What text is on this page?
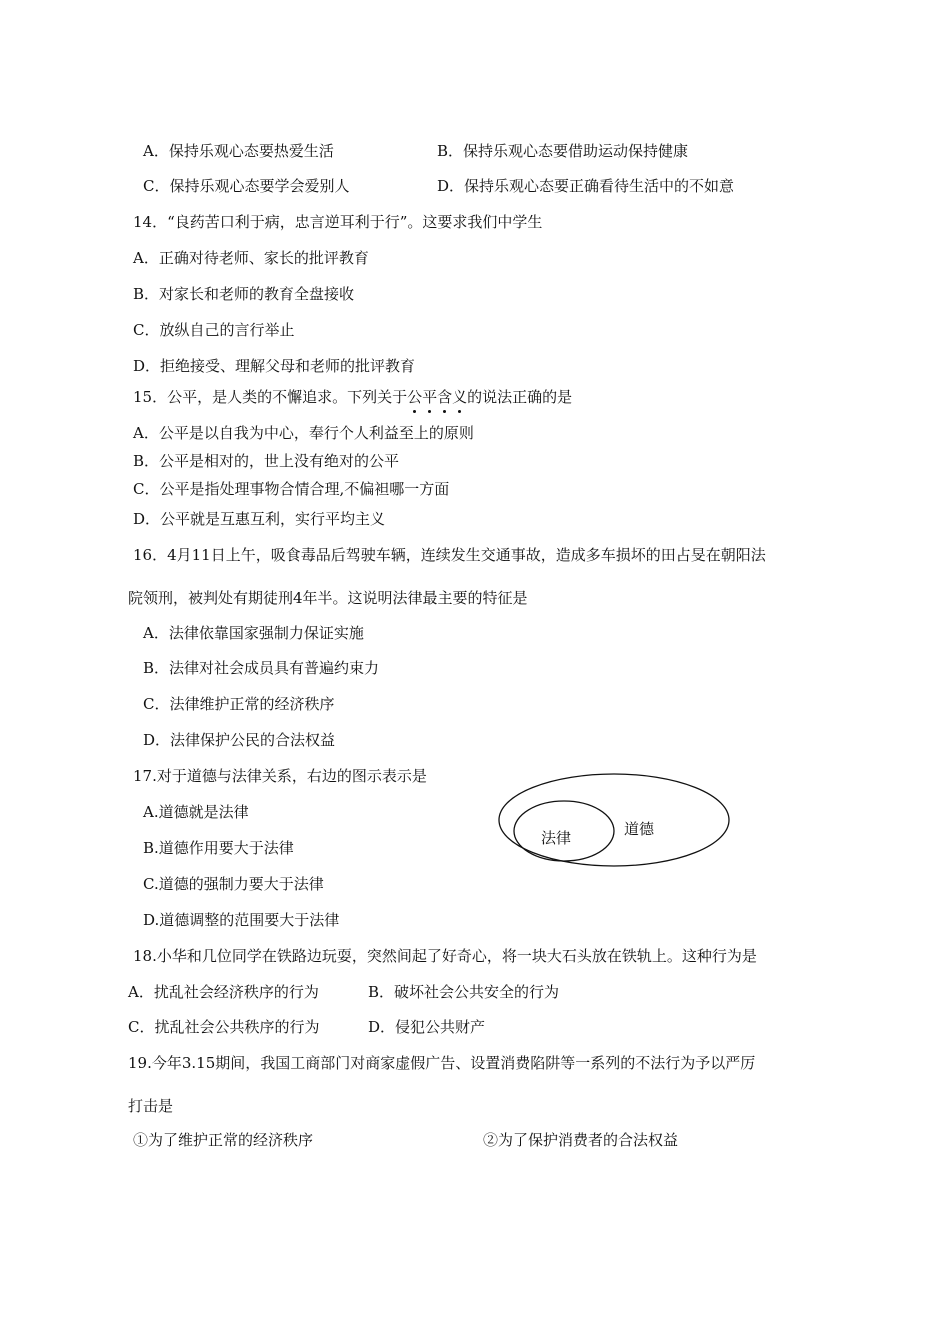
A．保持乐观心态要热爱生活	B．保持乐观心态要借助运动保持健康
C．保持乐观心态要学会爱别人	D．保持乐观心态要正确看待生活中的不如意
14．“良药苦口利于病，忠言逆耳利于行”。这要求我们中学生
A．正确对待老师、家长的批评教育
B．对家长和老师的教育全盘接收
C．放纵自己的言行举止
D．拒绝接受、理解父母和老师的批评教育
15．公平，是人类的不懈追求。下列关于公平含义的说法正确的是
A．公平是以自我为中心，奉行个人利益至上的原则
B．公平是相对的，世上没有绝对的公平
C．公平是指处理事物合情合理,不偏袒哪一方面
D．公平就是互惠互利，实行平均主义
16．4月11日上午，吸食毒品后驾驶车辆，连续发生交通事故，造成多车损坏的田占旻在朝阳法
院领刑，被判处有期徒刑4年半。这说明法律最主要的特征是
A．法律依靠国家强制力保证实施
B．法律对社会成员具有普遍约束力
C．法律维护正常的经济秩序
D．法律保护公民的合法权益
17.对于道德与法律关系，右边的图示表示是
A.道德就是法律
B.道德作用要大于法律
C.道德的强制力要大于法律
D.道德调整的范围要大于法律
道德
法律
18.小华和几位同学在铁路边玩耍，突然间起了好奇心，将一块大石头放在铁轨上。这种行为是
A．扰乱社会经济秩序的行为	B．破坏社会公共安全的行为
C．扰乱社会公共秩序的行为	D．侵犯公共财产
19.今年3.15期间，我国工商部门对商家虚假广告、设置消费陷阱等一系列的不法行为予以严厉
打击是
①为了维护正常的经济秩序	②为了保护消费者的合法权益
